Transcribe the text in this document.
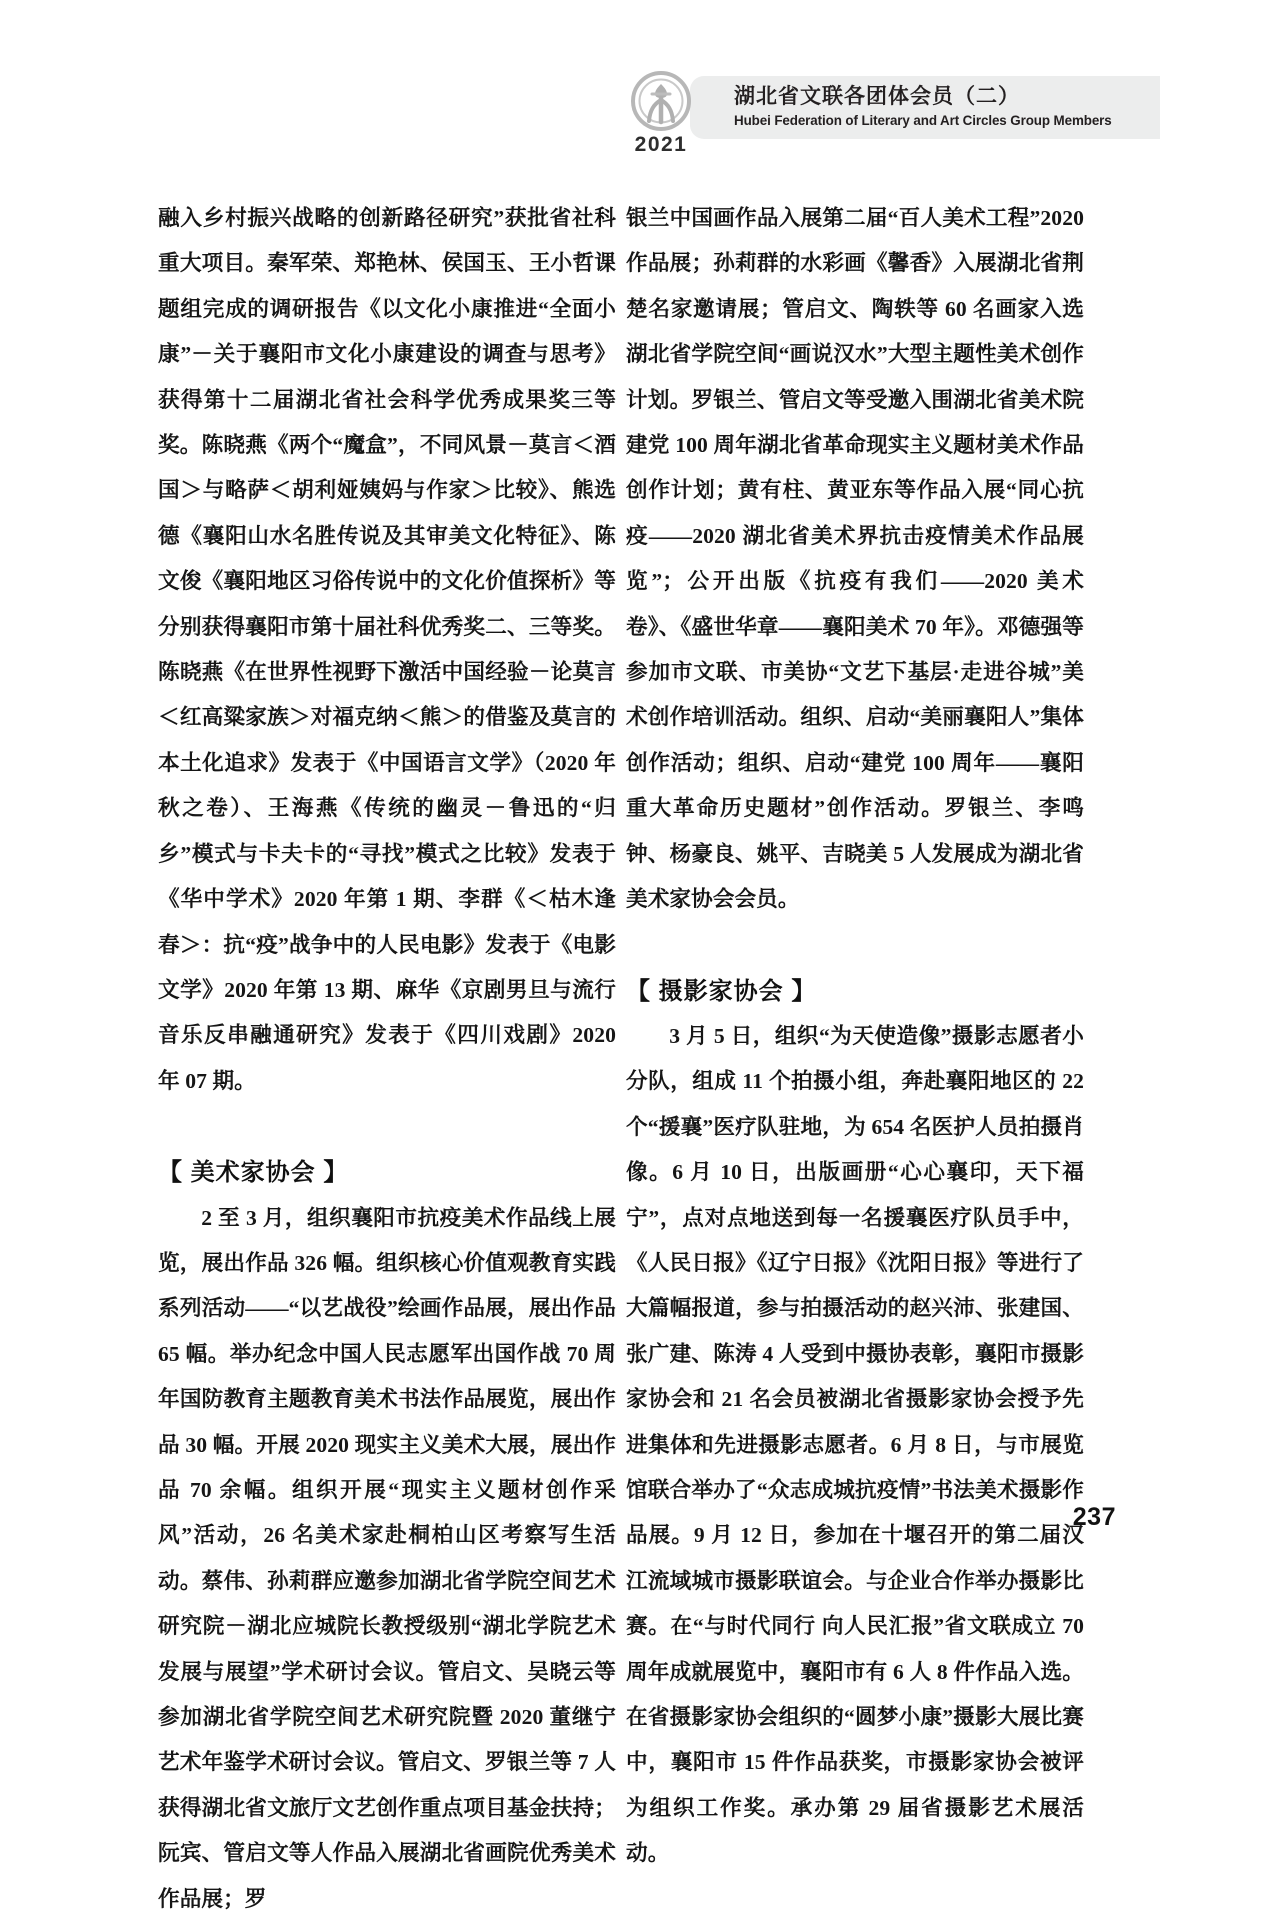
2021
湖北省文联各团体会员（二）
Hubei Federation of Literary and Art Circles Group Members

融入乡村振兴战略的创新路径研究”获批省社科重大项目。秦军荣、郑艳林、侯国玉、王小哲课题组完成的调研报告《以文化小康推进“全面小康”－关于襄阳市文化小康建设的调查与思考》获得第十二届湖北省社会科学优秀成果奖三等奖。陈晓燕《两个“魔盒”，不同风景－莫言＜酒国＞与略萨＜胡利娅姨妈与作家＞比较》、熊选德《襄阳山水名胜传说及其审美文化特征》、陈文俊《襄阳地区习俗传说中的文化价值探析》等分别获得襄阳市第十届社科优秀奖二、三等奖。陈晓燕《在世界性视野下激活中国经验－论莫言＜红高粱家族＞对福克纳＜熊＞的借鉴及莫言的本土化追求》发表于《中国语言文学》（2020 年秋之卷）、王海燕《传统的幽灵－鲁迅的“归乡”模式与卡夫卡的“寻找”模式之比较》发表于《华中学术》2020 年第 1 期、李群《＜枯木逢春＞：抗“疫”战争中的人民电影》发表于《电影文学》2020 年第 13 期、麻华《京剧男旦与流行音乐反串融通研究》发表于《四川戏剧》2020 年 07 期。

【 美术家协会 】

2 至 3 月，组织襄阳市抗疫美术作品线上展览，展出作品 326 幅。组织核心价值观教育实践系列活动——“以艺战役”绘画作品展，展出作品 65 幅。举办纪念中国人民志愿军出国作战 70 周年国防教育主题教育美术书法作品展览，展出作品 30 幅。开展 2020 现实主义美术大展，展出作品 70 余幅。组织开展“现实主义题材创作采风”活动，26 名美术家赴桐柏山区考察写生活动。蔡伟、孙莉群应邀参加湖北省学院空间艺术研究院－湖北应城院长教授级别“湖北学院艺术发展与展望”学术研讨会议。管启文、吴晓云等参加湖北省学院空间艺术研究院暨 2020 董继宁艺术年鉴学术研讨会议。管启文、罗银兰等 7 人获得湖北省文旅厅文艺创作重点项目基金扶持；阮宾、管启文等人作品入展湖北省画院优秀美术作品展；罗

银兰中国画作品入展第二届“百人美术工程”2020 作品展；孙莉群的水彩画《馨香》入展湖北省荆楚名家邀请展；管启文、陶轶等 60 名画家入选湖北省学院空间“画说汉水”大型主题性美术创作计划。罗银兰、管启文等受邀入围湖北省美术院建党 100 周年湖北省革命现实主义题材美术作品创作计划；黄有柱、黄亚东等作品入展“同心抗疫——2020 湖北省美术界抗击疫情美术作品展览”；公开出版《抗疫有我们——2020 美术卷》、《盛世华章——襄阳美术 70 年》。邓德强等参加市文联、市美协“文艺下基层·走进谷城”美术创作培训活动。组织、启动“美丽襄阳人”集体创作活动；组织、启动“建党 100 周年——襄阳重大革命历史题材”创作活动。罗银兰、李鸣钟、杨豪良、姚平、吉晓美 5 人发展成为湖北省美术家协会会员。

【 摄影家协会 】

3 月 5 日，组织“为天使造像”摄影志愿者小分队，组成 11 个拍摄小组，奔赴襄阳地区的 22 个“援襄”医疗队驻地，为 654 名医护人员拍摄肖像。6 月 10 日，出版画册“心心襄印，天下福宁”，点对点地送到每一名援襄医疗队员手中，《人民日报》《辽宁日报》《沈阳日报》等进行了大篇幅报道，参与拍摄活动的赵兴沛、张建国、张广建、陈涛 4 人受到中摄协表彰，襄阳市摄影家协会和 21 名会员被湖北省摄影家协会授予先进集体和先进摄影志愿者。6 月 8 日，与市展览馆联合举办了“众志成城抗疫情”书法美术摄影作品展。9 月 12 日，参加在十堰召开的第二届汉江流域城市摄影联谊会。与企业合作举办摄影比赛。在“与时代同行 向人民汇报”省文联成立 70 周年成就展览中，襄阳市有 6 人 8 件作品入选。在省摄影家协会组织的“圆梦小康”摄影大展比赛中，襄阳市 15 件作品获奖，市摄影家协会被评为组织工作奖。承办第 29 届省摄影艺术展活动。

237
